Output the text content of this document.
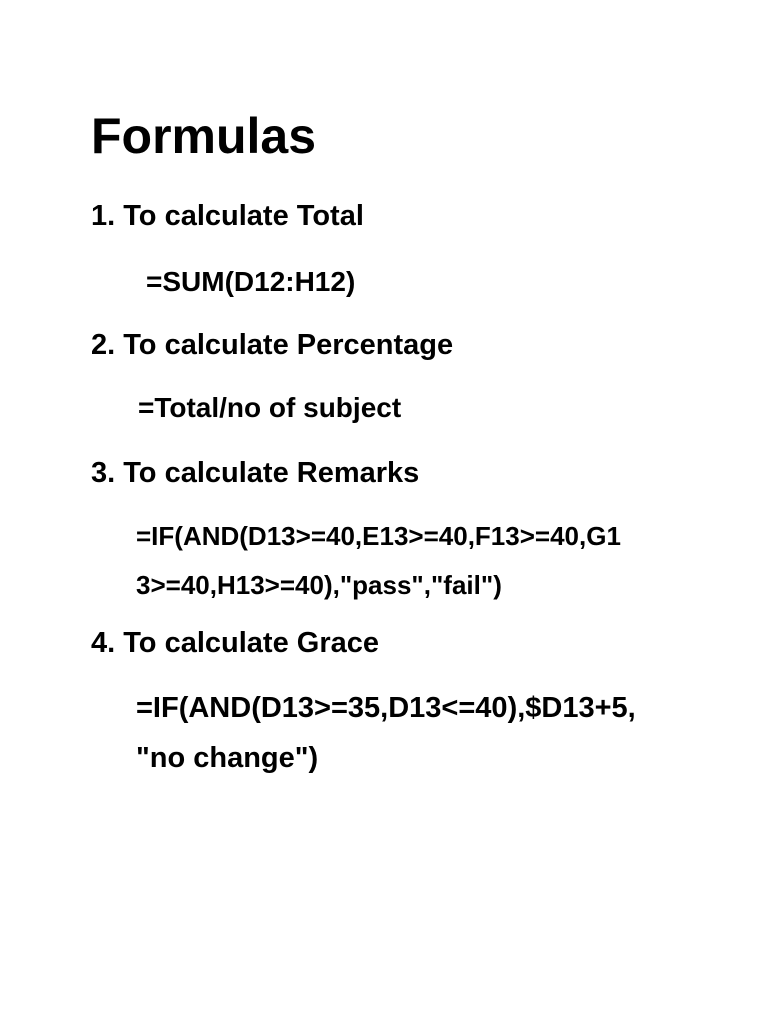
Formulas
1. To calculate Total
=SUM(D12:H12)
2. To calculate Percentage
=Total/no of subject
3. To calculate Remarks
=IF(AND(D13>=40,E13>=40,F13>=40,G1
3>=40,H13>=40),"pass","fail")
4. To calculate Grace
=IF(AND(D13>=35,D13<=40),$D13+5,
"no change")
